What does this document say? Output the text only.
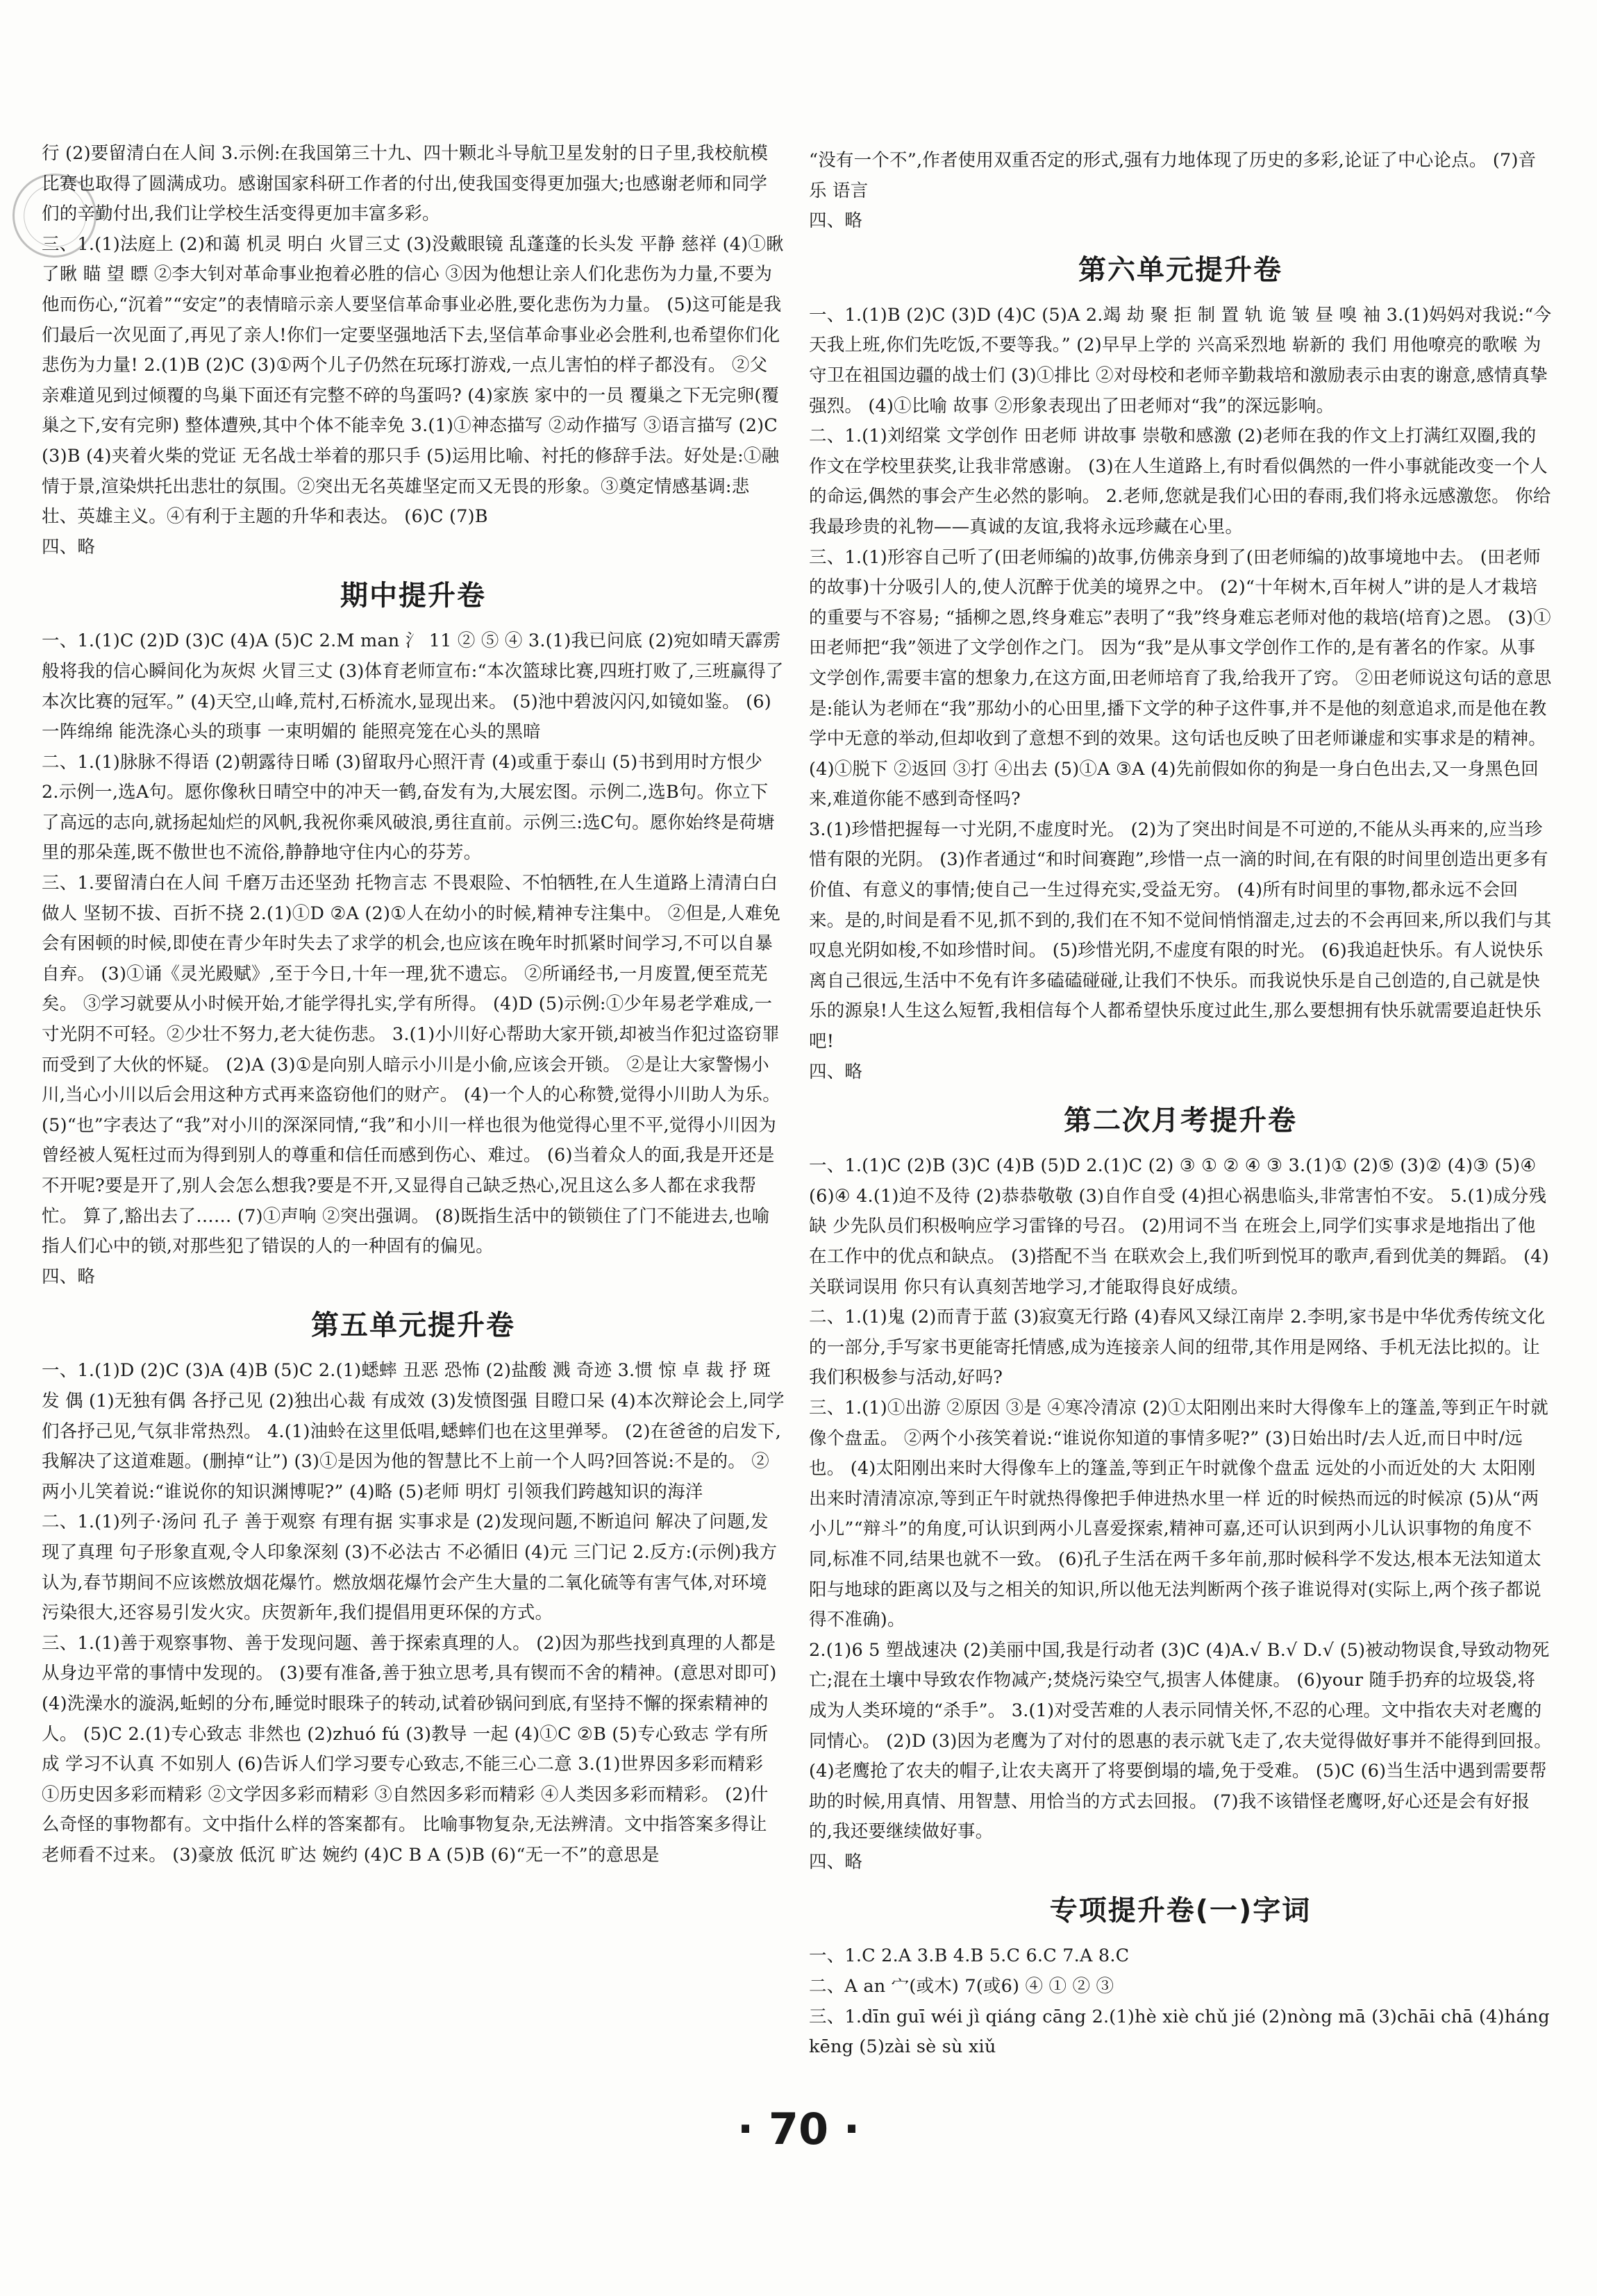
行 (2)要留清白在人间 3.示例:在我国第三十九、四十颗北斗导航卫星发射的日子里,我校航模比赛也取得了圆满成功。感谢国家科研工作者的付出,使我国变得更加强大;也感谢老师和同学们的辛勤付出,我们让学校生活变得更加丰富多彩。

三、1.(1)法庭上 (2)和蔼 机灵 明白 火冒三丈 (3)没戴眼镜 乱蓬蓬的长头发 平静 慈祥 (4)①瞅了瞅 瞄 望 瞟 ②李大钊对革命事业抱着必胜的信心 ③因为他想让亲人们化悲伤为力量,不要为他而伤心,“沉着”“安定”的表情暗示亲人要坚信革命事业必胜,要化悲伤为力量。 (5)这可能是我们最后一次见面了,再见了亲人!你们一定要坚强地活下去,坚信革命事业必会胜利,也希望你们化悲伤为力量! 2.(1)B (2)C (3)①两个儿子仍然在玩琢打游戏,一点儿害怕的样子都没有。 ②父亲难道见到过倾覆的鸟巢下面还有完整不碎的鸟蛋吗? (4)家族 家中的一员 覆巢之下无完卵(覆巢之下,安有完卵) 整体遭殃,其中个体不能幸免 3.(1)①神态描写 ②动作描写 ③语言描写 (2)C (3)B (4)夹着火柴的党证 无名战士举着的那只手 (5)运用比喻、衬托的修辞手法。好处是:①融情于景,渲染烘托出悲壮的氛围。②突出无名英雄坚定而又无畏的形象。③奠定情感基调:悲壮、英雄主义。④有利于主题的升华和表达。 (6)C (7)B

四、略

期中提升卷

一、1.(1)C (2)D (3)C (4)A (5)C 2.M man 氵 11 ② ⑤ ④ 3.(1)我已问底 (2)宛如晴天霹雳般将我的信心瞬间化为灰烬 火冒三丈 (3)体育老师宣布:“本次篮球比赛,四班打败了,三班赢得了本次比赛的冠军。” (4)天空,山峰,荒村,石桥流水,显现出来。 (5)池中碧波闪闪,如镜如鉴。 (6)一阵绵绵 能洗涤心头的琐事 一束明媚的 能照亮笼在心头的黑暗

二、1.(1)脉脉不得语 (2)朝露待日晞 (3)留取丹心照汗青 (4)或重于泰山 (5)书到用时方恨少 2.示例一,选A句。愿你像秋日晴空中的冲天一鹤,奋发有为,大展宏图。示例二,选B句。你立下了高远的志向,就扬起灿烂的风帆,我祝你乘风破浪,勇往直前。示例三:选C句。愿你始终是荷塘里的那朵莲,既不傲世也不流俗,静静地守住内心的芬芳。

三、1.要留清白在人间 千磨万击还坚劲 托物言志 不畏艰险、不怕牺牲,在人生道路上清清白白做人 坚韧不拔、百折不挠 2.(1)①D ②A (2)①人在幼小的时候,精神专注集中。 ②但是,人难免会有困顿的时候,即使在青少年时失去了求学的机会,也应该在晚年时抓紧时间学习,不可以自暴自弃。 (3)①诵《灵光殿赋》,至于今日,十年一理,犹不遗忘。 ②所诵经书,一月废置,便至荒芜矣。 ③学习就要从小时候开始,才能学得扎实,学有所得。 (4)D (5)示例:①少年易老学难成,一寸光阴不可轻。②少壮不努力,老大徒伤悲。 3.(1)小川好心帮助大家开锁,却被当作犯过盗窃罪而受到了大伙的怀疑。 (2)A (3)①是向别人暗示小川是小偷,应该会开锁。 ②是让大家警惕小川,当心小川以后会用这种方式再来盗窃他们的财产。 (4)一个人的心称赞,觉得小川助人为乐。 (5)“也”字表达了“我”对小川的深深同情,“我”和小川一样也很为他觉得心里不平,觉得小川因为曾经被人冤枉过而为得到别人的尊重和信任而感到伤心、难过。 (6)当着众人的面,我是开还是不开呢?要是开了,别人会怎么想我?要是不开,又显得自己缺乏热心,况且这么多人都在求我帮忙。 算了,豁出去了…… (7)①声响 ②突出强调。 (8)既指生活中的锁锁住了门不能进去,也喻指人们心中的锁,对那些犯了错误的人的一种固有的偏见。

四、略

第五单元提升卷

一、1.(1)D (2)C (3)A (4)B (5)C 2.(1)蟋蟀 丑恶 恐怖 (2)盐酸 溅 奇迹 3.惯 惊 卓 裁 抒 斑 发 偶 (1)无独有偶 各抒己见 (2)独出心裁 有成效 (3)发愤图强 目瞪口呆 (4)本次辩论会上,同学们各抒己见,气氛非常热烈。 4.(1)油蛉在这里低唱,蟋蟀们也在这里弹琴。 (2)在爸爸的启发下,我解决了这道难题。(删掉“让”) (3)①是因为他的智慧比不上前一个人吗?回答说:不是的。 ②两小儿笑着说:“谁说你的知识渊博呢?” (4)略 (5)老师 明灯 引领我们跨越知识的海洋

二、1.(1)列子·汤问 孔子 善于观察 有理有据 实事求是 (2)发现问题,不断追问 解决了问题,发现了真理 句子形象直观,令人印象深刻 (3)不必法古 不必循旧 (4)元 三门记 2.反方:(示例)我方认为,春节期间不应该燃放烟花爆竹。燃放烟花爆竹会产生大量的二氧化硫等有害气体,对环境污染很大,还容易引发火灾。庆贺新年,我们提倡用更环保的方式。

三、1.(1)善于观察事物、善于发现问题、善于探索真理的人。 (2)因为那些找到真理的人都是从身边平常的事情中发现的。 (3)要有准备,善于独立思考,具有锲而不舍的精神。(意思对即可) (4)洗澡水的漩涡,蚯蚓的分布,睡觉时眼珠子的转动,试着砂锅问到底,有坚持不懈的探索精神的人。 (5)C 2.(1)专心致志 非然也 (2)zhuó fú (3)教导 一起 (4)①C ②B (5)专心致志 学有所成 学习不认真 不如别人 (6)告诉人们学习要专心致志,不能三心二意 3.(1)世界因多彩而精彩 ①历史因多彩而精彩 ②文学因多彩而精彩 ③自然因多彩而精彩 ④人类因多彩而精彩。 (2)什么奇怪的事物都有。文中指什么样的答案都有。 比喻事物复杂,无法辨清。文中指答案多得让老师看不过来。 (3)豪放 低沉 旷达 婉约 (4)C B A (5)B (6)“无一不”的意思是

“没有一个不”,作者使用双重否定的形式,强有力地体现了历史的多彩,论证了中心论点。 (7)音乐 语言

四、略

第六单元提升卷

一、1.(1)B (2)C (3)D (4)C (5)A 2.竭 劫 聚 拒 制 置 轨 诡 皱 昼 嗅 袖 3.(1)妈妈对我说:“今天我上班,你们先吃饭,不要等我。” (2)早早上学的 兴高采烈地 崭新的 我们 用他嘹亮的歌喉 为守卫在祖国边疆的战士们 (3)①排比 ②对母校和老师辛勤栽培和激励表示由衷的谢意,感情真挚强烈。 (4)①比喻 故事 ②形象表现出了田老师对“我”的深远影响。

二、1.(1)刘绍棠 文学创作 田老师 讲故事 崇敬和感激 (2)老师在我的作文上打满红双圈,我的作文在学校里获奖,让我非常感谢。 (3)在人生道路上,有时看似偶然的一件小事就能改变一个人的命运,偶然的事会产生必然的影响。 2.老师,您就是我们心田的春雨,我们将永远感激您。 你给我最珍贵的礼物——真诚的友谊,我将永远珍藏在心里。

三、1.(1)形容自己听了(田老师编的)故事,仿佛亲身到了(田老师编的)故事境地中去。 (田老师的故事)十分吸引人的,使人沉醉于优美的境界之中。 (2)“十年树木,百年树人”讲的是人才栽培的重要与不容易; “插柳之恩,终身难忘”表明了“我”终身难忘老师对他的栽培(培育)之恩。 (3)①田老师把“我”领进了文学创作之门。 因为“我”是从事文学创作工作的,是有著名的作家。从事文学创作,需要丰富的想象力,在这方面,田老师培育了我,给我开了窍。 ②田老师说这句话的意思是:能认为老师在“我”那幼小的心田里,播下文学的种子这件事,并不是他的刻意追求,而是他在教学中无意的举动,但却收到了意想不到的效果。这句话也反映了田老师谦虚和实事求是的精神。 (4)①脱下 ②返回 ③打 ④出去 (5)①A ③A (4)先前假如你的狗是一身白色出去,又一身黑色回来,难道你能不感到奇怪吗?

3.(1)珍惜把握每一寸光阴,不虚度时光。 (2)为了突出时间是不可逆的,不能从头再来的,应当珍惜有限的光阴。 (3)作者通过“和时间赛跑”,珍惜一点一滴的时间,在有限的时间里创造出更多有价值、有意义的事情;使自己一生过得充实,受益无穷。 (4)所有时间里的事物,都永远不会回来。是的,时间是看不见,抓不到的,我们在不知不觉间悄悄溜走,过去的不会再回来,所以我们与其叹息光阴如梭,不如珍惜时间。 (5)珍惜光阴,不虚度有限的时光。 (6)我追赶快乐。有人说快乐离自己很远,生活中不免有许多磕磕碰碰,让我们不快乐。而我说快乐是自己创造的,自己就是快乐的源泉!人生这么短暂,我相信每个人都希望快乐度过此生,那么要想拥有快乐就需要追赶快乐吧!

四、略

第二次月考提升卷

一、1.(1)C (2)B (3)C (4)B (5)D 2.(1)C (2) ③ ① ② ④ ③ 3.(1)① (2)⑤ (3)② (4)③ (5)④ (6)④ 4.(1)迫不及待 (2)恭恭敬敬 (3)自作自受 (4)担心祸患临头,非常害怕不安。 5.(1)成分残缺 少先队员们积极响应学习雷锋的号召。 (2)用词不当 在班会上,同学们实事求是地指出了他在工作中的优点和缺点。 (3)搭配不当 在联欢会上,我们听到悦耳的歌声,看到优美的舞蹈。 (4)关联词误用 你只有认真刻苦地学习,才能取得良好成绩。

二、1.(1)鬼 (2)而青于蓝 (3)寂寞无行路 (4)春风又绿江南岸 2.李明,家书是中华优秀传统文化的一部分,手写家书更能寄托情感,成为连接亲人间的纽带,其作用是网络、手机无法比拟的。让我们积极参与活动,好吗?

三、1.(1)①出游 ②原因 ③是 ④寒冷清凉 (2)①太阳刚出来时大得像车上的篷盖,等到正午时就像个盘盂。 ②两个小孩笑着说:“谁说你知道的事情多呢?” (3)日始出时/去人近,而日中时/远也。 (4)太阳刚出来时大得像车上的篷盖,等到正午时就像个盘盂 远处的小而近处的大 太阳刚出来时清清凉凉,等到正午时就热得像把手伸进热水里一样 近的时候热而远的时候凉 (5)从“两小儿”“辩斗”的角度,可认识到两小儿喜爱探索,精神可嘉,还可认识到两小儿认识事物的角度不同,标准不同,结果也就不一致。 (6)孔子生活在两千多年前,那时候科学不发达,根本无法知道太阳与地球的距离以及与之相关的知识,所以他无法判断两个孩子谁说得对(实际上,两个孩子都说得不准确)。

2.(1)6 5 塑战速决 (2)美丽中国,我是行动者 (3)C (4)A.√ B.√ D.√ (5)被动物误食,导致动物死亡;混在土壤中导致农作物减产;焚烧污染空气,损害人体健康。 (6)your 随手扔弃的垃圾袋,将成为人类环境的“杀手”。 3.(1)对受苦难的人表示同情关怀,不忍的心理。文中指农夫对老鹰的同情心。 (2)D (3)因为老鹰为了对付的恩惠的表示就飞走了,农夫觉得做好事并不能得到回报。 (4)老鹰抢了农夫的帽子,让农夫离开了将要倒塌的墙,免于受难。 (5)C (6)当生活中遇到需要帮助的时候,用真情、用智慧、用恰当的方式去回报。 (7)我不该错怪老鹰呀,好心还是会有好报的,我还要继续做好事。

四、略

专项提升卷(一)字词

一、1.C 2.A 3.B 4.B 5.C 6.C 7.A 8.C

二、A an 宀(或木) 7(或6) ④ ① ② ③

三、1.dīn guī wéi jì qiáng cāng 2.(1)hè xiè chǔ jié (2)nòng mā (3)chāi chā (4)háng kēng (5)zài sè sù xiǔ

· 70 ·
